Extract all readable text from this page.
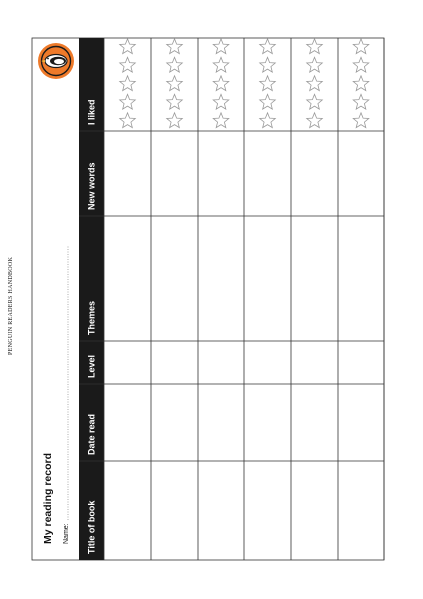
PENGUIN READERS HANDBOOK
My reading record Name: Title of book
Date read
Level
Themes
New words
I liked
